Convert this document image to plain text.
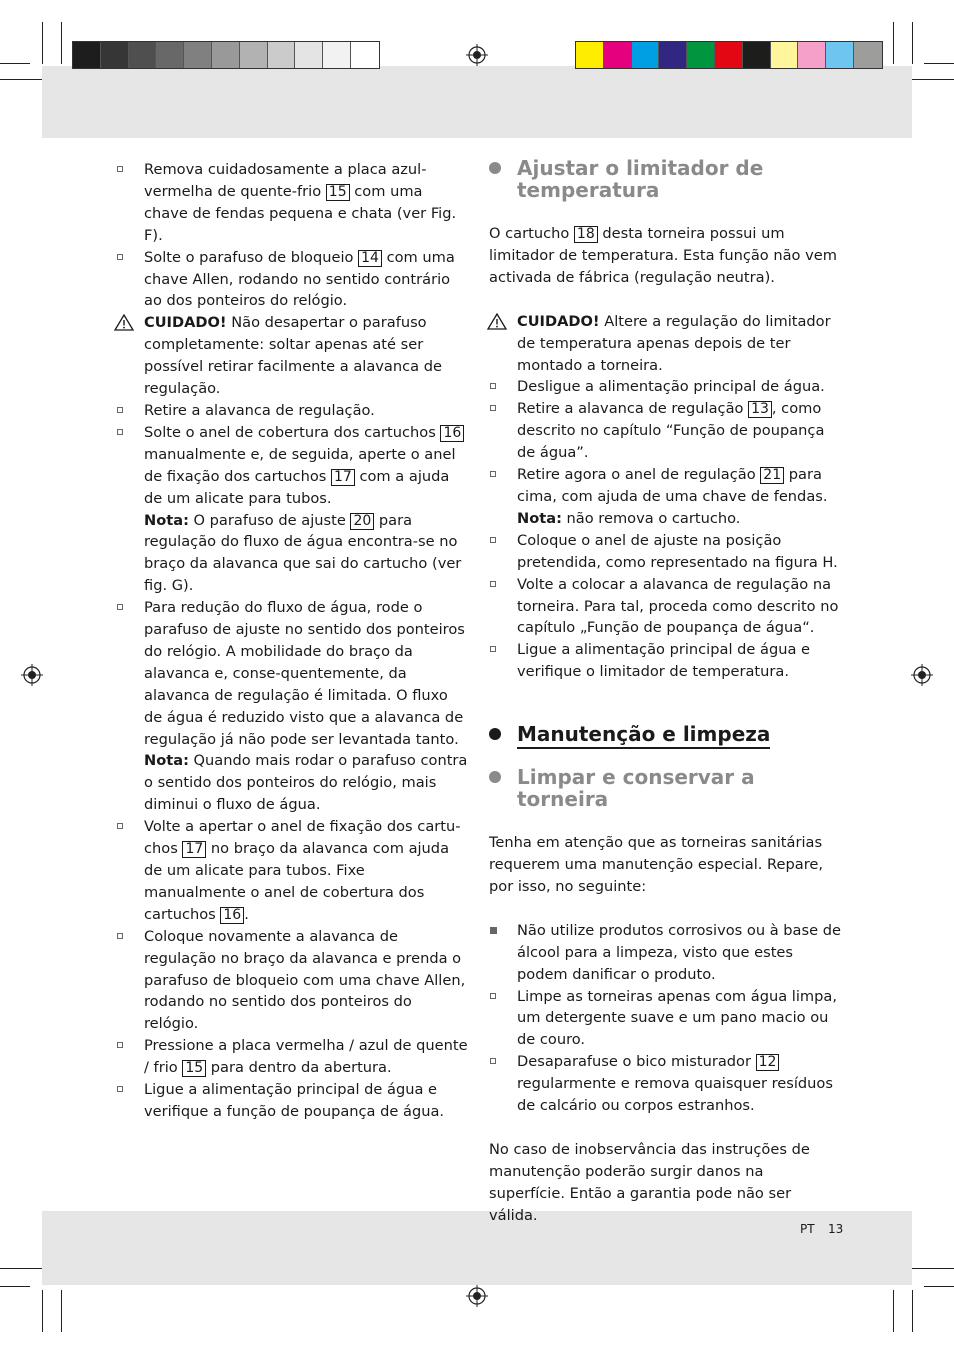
Remova cuidadosamente a placa azul- vermelha de quente-frio 15 com uma chave de fendas pequena e chata (ver Fig. F).
Solte o parafuso de bloqueio 14 com uma chave Allen, rodando no sentido contrário ao dos ponteiros do relógio.
CUIDADO! Não desapertar o parafuso completamente: soltar apenas até ser possível retirar facilmente a alavanca de regulação.
Retire a alavanca de regulação.
Solte o anel de cobertura dos cartuchos 16 manualmente e, de seguida, aperte o anel de fixação dos cartuchos 17 com a ajuda de um alicate para tubos.
Nota: O parafuso de ajuste 20 para regulação do fluxo de água encontra-se no braço da alavanca que sai do cartucho (ver fig. G).
Para redução do fluxo de água, rode o parafuso de ajuste no sentido dos ponteiros do relógio. A mobilidade do braço da alavanca e, conse-quentemente, da alavanca de regulação é limitada. O fluxo de água é reduzido visto que a alavanca de regulação já não pode ser levantada tanto.
Nota: Quando mais rodar o parafuso contra o sentido dos ponteiros do relógio, mais diminui o fluxo de água.
Volte a apertar o anel de fixação dos cartu-chos 17 no braço da alavanca com ajuda de um alicate para tubos. Fixe manualmente o anel de cobertura dos cartuchos 16 .
Coloque novamente a alavanca de regulação no braço da alavanca e prenda o parafuso de bloqueio com uma chave Allen, rodando no sentido dos ponteiros do relógio.
Pressione a placa vermelha / azul de quente / frio 15 para dentro da abertura.
Ligue a alimentação principal de água e verifique a função de poupança de água.
Ajustar o limitador de temperatura
O cartucho 18 desta torneira possui um limitador de temperatura. Esta função não vem activada de fábrica (regulação neutra).
CUIDADO! Altere a regulação do limitador de temperatura apenas depois de ter montado a torneira.
Desligue a alimentação principal de água.
Retire a alavanca de regulação 13 , como descrito no capítulo “Função de poupança de água”.
Retire agora o anel de regulação 21 para cima, com ajuda de uma chave de fendas.
Nota: não remova o cartucho.
Coloque o anel de ajuste na posição pretendida, como representado na figura H.
Volte a colocar a alavanca de regulação na torneira. Para tal, proceda como descrito no capítulo „Função de poupança de água“.
Ligue a alimentação principal de água e verifique o limitador de temperatura.
Manutenção e limpeza
Limpar e conservar a torneira
Tenha em atenção que as torneiras sanitárias requerem uma manutenção especial. Repare, por isso, no seguinte:
Não utilize produtos corrosivos ou à base de álcool para a limpeza, visto que estes podem danificar o produto.
Limpe as torneiras apenas com água limpa, um detergente suave e um pano macio ou de couro.
Desaparafuse o bico misturador 12 regularmente e remova quaisquer resíduos de calcário ou corpos estranhos.
No caso de inobservância das instruções de manutenção poderão surgir danos na superfície. Então a garantia pode não ser válida.
PT 13
